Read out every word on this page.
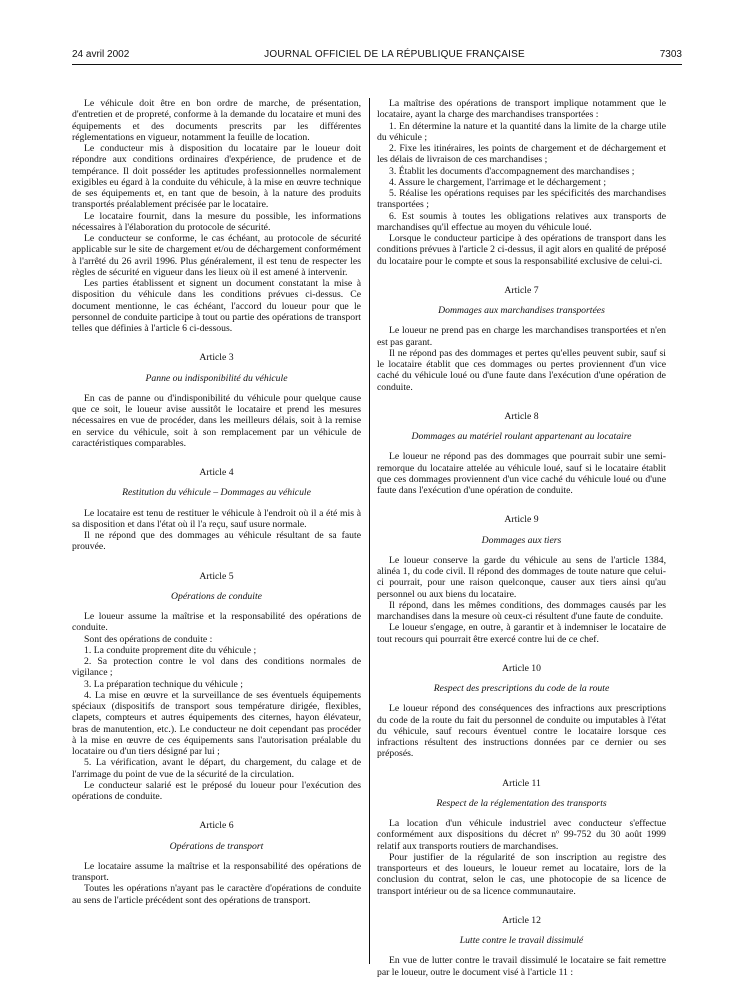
24 avril 2002	JOURNAL OFFICIEL DE LA RÉPUBLIQUE FRANÇAISE	7303

Le véhicule doit être en bon ordre de marche, de présentation, d'entretien et de propreté, conforme à la demande du locataire et muni des équipements et des documents prescrits par les différentes réglementations en vigueur, notamment la feuille de location.

Le conducteur mis à disposition du locataire par le loueur doit répondre aux conditions ordinaires d'expérience, de prudence et de tempérance. Il doit posséder les aptitudes professionnelles normalement exigibles eu égard à la conduite du véhicule, à la mise en œuvre technique de ses équipements et, en tant que de besoin, à la nature des produits transportés préalablement précisée par le locataire.

Le locataire fournit, dans la mesure du possible, les informations nécessaires à l'élaboration du protocole de sécurité.

Le conducteur se conforme, le cas échéant, au protocole de sécurité applicable sur le site de chargement et/ou de déchargement conformément à l'arrêté du 26 avril 1996. Plus généralement, il est tenu de respecter les règles de sécurité en vigueur dans les lieux où il est amené à intervenir.

Les parties établissent et signent un document constatant la mise à disposition du véhicule dans les conditions prévues ci-dessus. Ce document mentionne, le cas échéant, l'accord du loueur pour que le personnel de conduite participe à tout ou partie des opérations de transport telles que définies à l'article 6 ci-dessous.

Article 3
Panne ou indisponibilité du véhicule

En cas de panne ou d'indisponibilité du véhicule pour quelque cause que ce soit, le loueur avise aussitôt le locataire et prend les mesures nécessaires en vue de procéder, dans les meilleurs délais, soit à la remise en service du véhicule, soit à son remplacement par un véhicule de caractéristiques comparables.

Article 4
Restitution du véhicule – Dommages au véhicule

Le locataire est tenu de restituer le véhicule à l'endroit où il a été mis à sa disposition et dans l'état où il l'a reçu, sauf usure normale.

Il ne répond que des dommages au véhicule résultant de sa faute prouvée.

Article 5
Opérations de conduite

Le loueur assume la maîtrise et la responsabilité des opérations de conduite.

Sont des opérations de conduite :

1. La conduite proprement dite du véhicule ;

2. Sa protection contre le vol dans des conditions normales de vigilance ;

3. La préparation technique du véhicule ;

4. La mise en œuvre et la surveillance de ses éventuels équipements spéciaux (dispositifs de transport sous température dirigée, flexibles, clapets, compteurs et autres équipements des citernes, hayon élévateur, bras de manutention, etc.). Le conducteur ne doit cependant pas procéder à la mise en œuvre de ces équipements sans l'autorisation préalable du locataire ou d'un tiers désigné par lui ;

5. La vérification, avant le départ, du chargement, du calage et de l'arrimage du point de vue de la sécurité de la circulation.

Le conducteur salarié est le préposé du loueur pour l'exécution des opérations de conduite.

Article 6
Opérations de transport

Le locataire assume la maîtrise et la responsabilité des opérations de transport.

Toutes les opérations n'ayant pas le caractère d'opérations de conduite au sens de l'article précédent sont des opérations de transport.

La maîtrise des opérations de transport implique notamment que le locataire, ayant la charge des marchandises transportées :

1. En détermine la nature et la quantité dans la limite de la charge utile du véhicule ;

2. Fixe les itinéraires, les points de chargement et de déchargement et les délais de livraison de ces marchandises ;

3. Établit les documents d'accompagnement des marchandises ;

4. Assure le chargement, l'arrimage et le déchargement ;

5. Réalise les opérations requises par les spécificités des marchandises transportées ;

6. Est soumis à toutes les obligations relatives aux transports de marchandises qu'il effectue au moyen du véhicule loué.

Lorsque le conducteur participe à des opérations de transport dans les conditions prévues à l'article 2 ci-dessus, il agit alors en qualité de préposé du locataire pour le compte et sous la responsabilité exclusive de celui-ci.

Article 7
Dommages aux marchandises transportées

Le loueur ne prend pas en charge les marchandises transportées et n'en est pas garant.

Il ne répond pas des dommages et pertes qu'elles peuvent subir, sauf si le locataire établit que ces dommages ou pertes proviennent d'un vice caché du véhicule loué ou d'une faute dans l'exécution d'une opération de conduite.

Article 8
Dommages au matériel roulant appartenant au locataire

Le loueur ne répond pas des dommages que pourrait subir une semi-remorque du locataire attelée au véhicule loué, sauf si le locataire établit que ces dommages proviennent d'un vice caché du véhicule loué ou d'une faute dans l'exécution d'une opération de conduite.

Article 9
Dommages aux tiers

Le loueur conserve la garde du véhicule au sens de l'article 1384, alinéa 1, du code civil. Il répond des dommages de toute nature que celui-ci pourrait, pour une raison quelconque, causer aux tiers ainsi qu'au personnel ou aux biens du locataire.

Il répond, dans les mêmes conditions, des dommages causés par les marchandises dans la mesure où ceux-ci résultent d'une faute de conduite.

Le loueur s'engage, en outre, à garantir et à indemniser le locataire de tout recours qui pourrait être exercé contre lui de ce chef.

Article 10
Respect des prescriptions du code de la route

Le loueur répond des conséquences des infractions aux prescriptions du code de la route du fait du personnel de conduite ou imputables à l'état du véhicule, sauf recours éventuel contre le locataire lorsque ces infractions résultent des instructions données par ce dernier ou ses préposés.

Article 11
Respect de la réglementation des transports

La location d'un véhicule industriel avec conducteur s'effectue conformément aux dispositions du décret nº 99-752 du 30 août 1999 relatif aux transports routiers de marchandises.

Pour justifier de la régularité de son inscription au registre des transporteurs et des loueurs, le loueur remet au locataire, lors de la conclusion du contrat, selon le cas, une photocopie de sa licence de transport intérieur ou de sa licence communautaire.

Article 12
Lutte contre le travail dissimulé

En vue de lutter contre le travail dissimulé le locataire se fait remettre par le loueur, outre le document visé à l'article 11 :
